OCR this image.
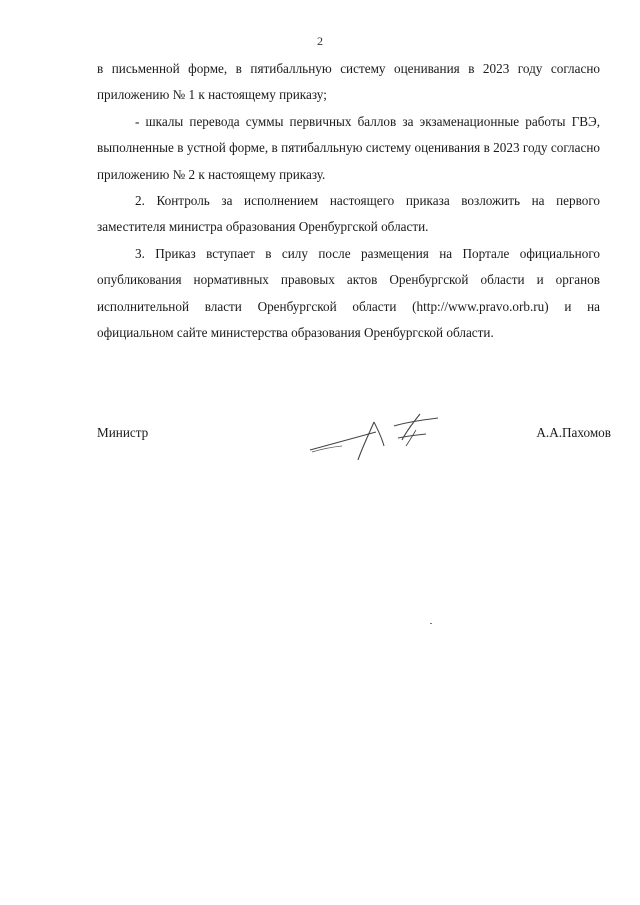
2

в письменной форме, в пятибалльную систему оценивания в 2023 году согласно приложению № 1 к настоящему приказу;

- шкалы перевода суммы первичных баллов за экзаменационные работы ГВЭ, выполненные в устной форме, в пятибалльную систему оценивания в 2023 году согласно приложению № 2 к настоящему приказу.

2. Контроль за исполнением настоящего приказа возложить на первого заместителя министра образования Оренбургской области.

3. Приказ вступает в силу после размещения на Портале официального опубликования нормативных правовых актов Оренбургской области и органов исполнительной власти Оренбургской области (http://www.pravo.orb.ru) и на официальном сайте министерства образования Оренбургской области.

Министр	А.А.Пахомов
